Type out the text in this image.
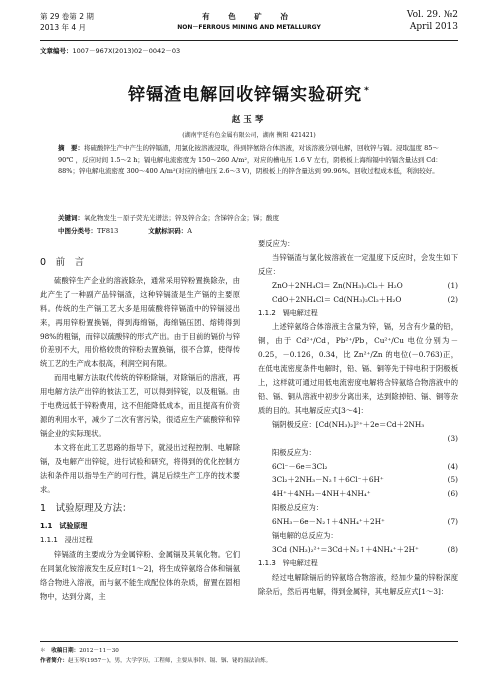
第 29 卷第 2 期
2013 年 4 月
有 色 矿 冶
NON－FERROUS MINING AND METALLURGY
Vol. 29. №2
April 2013
文章编号：1007－967X(2013)02－0042－03
锌镉渣电解回收锌镉实验研究 *
赵玉琴
(湖南宇廷有色金属有限公司，湖南 衡阳 421421)
摘　要：将硫酸锌生产中产生的锌镉渣，用氯化铵溶液浸取，得到锌氨络合体溶液，对该溶液分别电解，回收锌与镉。浸取温度 85～ 90℃ ，反应时间 1.5～2 h；镉电解电流密度为 150～260 A/m²，对应的槽电压 1.6 V 左右，阴极板上海绵镉中的镉含量达到 Cd：88%；锌电解电流密度 300～400 A/m²(对应的槽电压 2.6～3 V)，阴极板上的锌含量达到 99.96%。回收过程成本低，利润较好。
关键词：氧化物发生－原子荧光光谱法；锌及锌合金；含锑锌合金；锑；酸度
中图分类号：TF813	文献标识码：A
0　 前　言

硫酸锌生产企业的溶液除杂，通常采用锌粉置换除杂，由此产生了一种副产品锌镉渣，这种锌镉渣是生产镉的主要原料。传统的生产镉工艺大多是用硫酸将锌镉渣中的锌镉浸出来，再用锌粉置换镉，得到海绵镉，海绵镉压团、熔铸得到 98%的粗镉，而锌以硫酸锌的形式产出。由于目前的镉价与锌价差别不大，用价格较贵的锌粉去置换镉，很不合算，使得传统工艺的生产成本很高，利润空间有限。

而用电解方法取代传统的锌粉除镉，对除镉后的溶液，再用电解方法产出锌的彼法工艺，可以得到锌锭，以及粗镉。由于电费远低于锌粉费用，这不但能降低成本，而且提高有价资源的利用水平，减少了二次有害污染，很适应生产硫酸锌和锌镉企业的实际现状。

本文将在此工艺思路的指导下，就浸出过程控制、电解除镉，及电解产出锌锭，进行试验和研究，将得到的优化控制方法和条件用以指导生产的可行性，满足后续生产工序的技术要求。

1　 试验原理及方法：
1.1　试验原理
1.1.1　浸出过程

锌镉渣的主要成分为金属锌粉、金属镉及其氧化物。它们在同氯化铵溶液发生反应时[1～2]，将生成锌氨络合体和镉氨络合物进入溶液，而与氨不能生成配位体的杂质，留置在固相物中，达到分离，主

要反应为：

当锌镉渣与氯化铵溶液在一定温度下反应时，会发生如下反应：

ZnO＋2NH₄Cl＝ Zn(NH₃)₂Cl₂＋ H₂O	(1)
CdO＋2NH₄Cl＝ Cd(NH₃)₂Cl₂＋H₂O	(2)
1.1.2　镉电解过程

上述锌氨络合体溶液主含量为锌，镉，另含有少量的铅，铜，由于 Cd²⁺/Cd，Pb²⁺/Pb，Cu²⁺/Cu 电位分别为－0.25，－0.126，0.34，比 Zn²⁺/Zn 的电位(－0.763)正，在低电流密度条件电解时，铅、镉、铜等先于锌电积于阴极板上，这样就可通过用低电流密度电解将含锌氨络合物溶液中的铅、镉、铜从溶液中初步分离出来，达到除掉铅、镉、铜等杂质的目的。其电解反应式[3～4]：

镉阴极反应：[Cd(NH₃)₂]²⁺＋2e＝Cd＋2NH₃
(3)
阳极反应为：
6Cl⁻－6e＝3Cl₂	(4)
3Cl₂＋2NH₃－N₂↑＋6Cl⁻＋6H⁺	(5)
4H⁺＋4NH₃－4NH＋4NH₄⁺	(6)
阳极总反应为：
6NH₃－6e－N₂↑＋4NH₄⁺＋2H⁺	(7)
镉电解的总反应为：
3Cd (NH₃)₂²⁺＝3Cd＋N₂↑＋4NH₄⁺＋2H⁺	(8)
1.1.3　锌电解过程

经过电解除镉后的锌氨络合物溶液，经加少量的锌粉深度除杂后，然后再电解，得到金属锌，其电解反应式[1～3]：

＊　收稿日期：2012－11－30
作者简介：赵玉琴(1957－)，男，大学学历，工程师，主要从事锌、镉、铟、铋的湿法冶炼。
